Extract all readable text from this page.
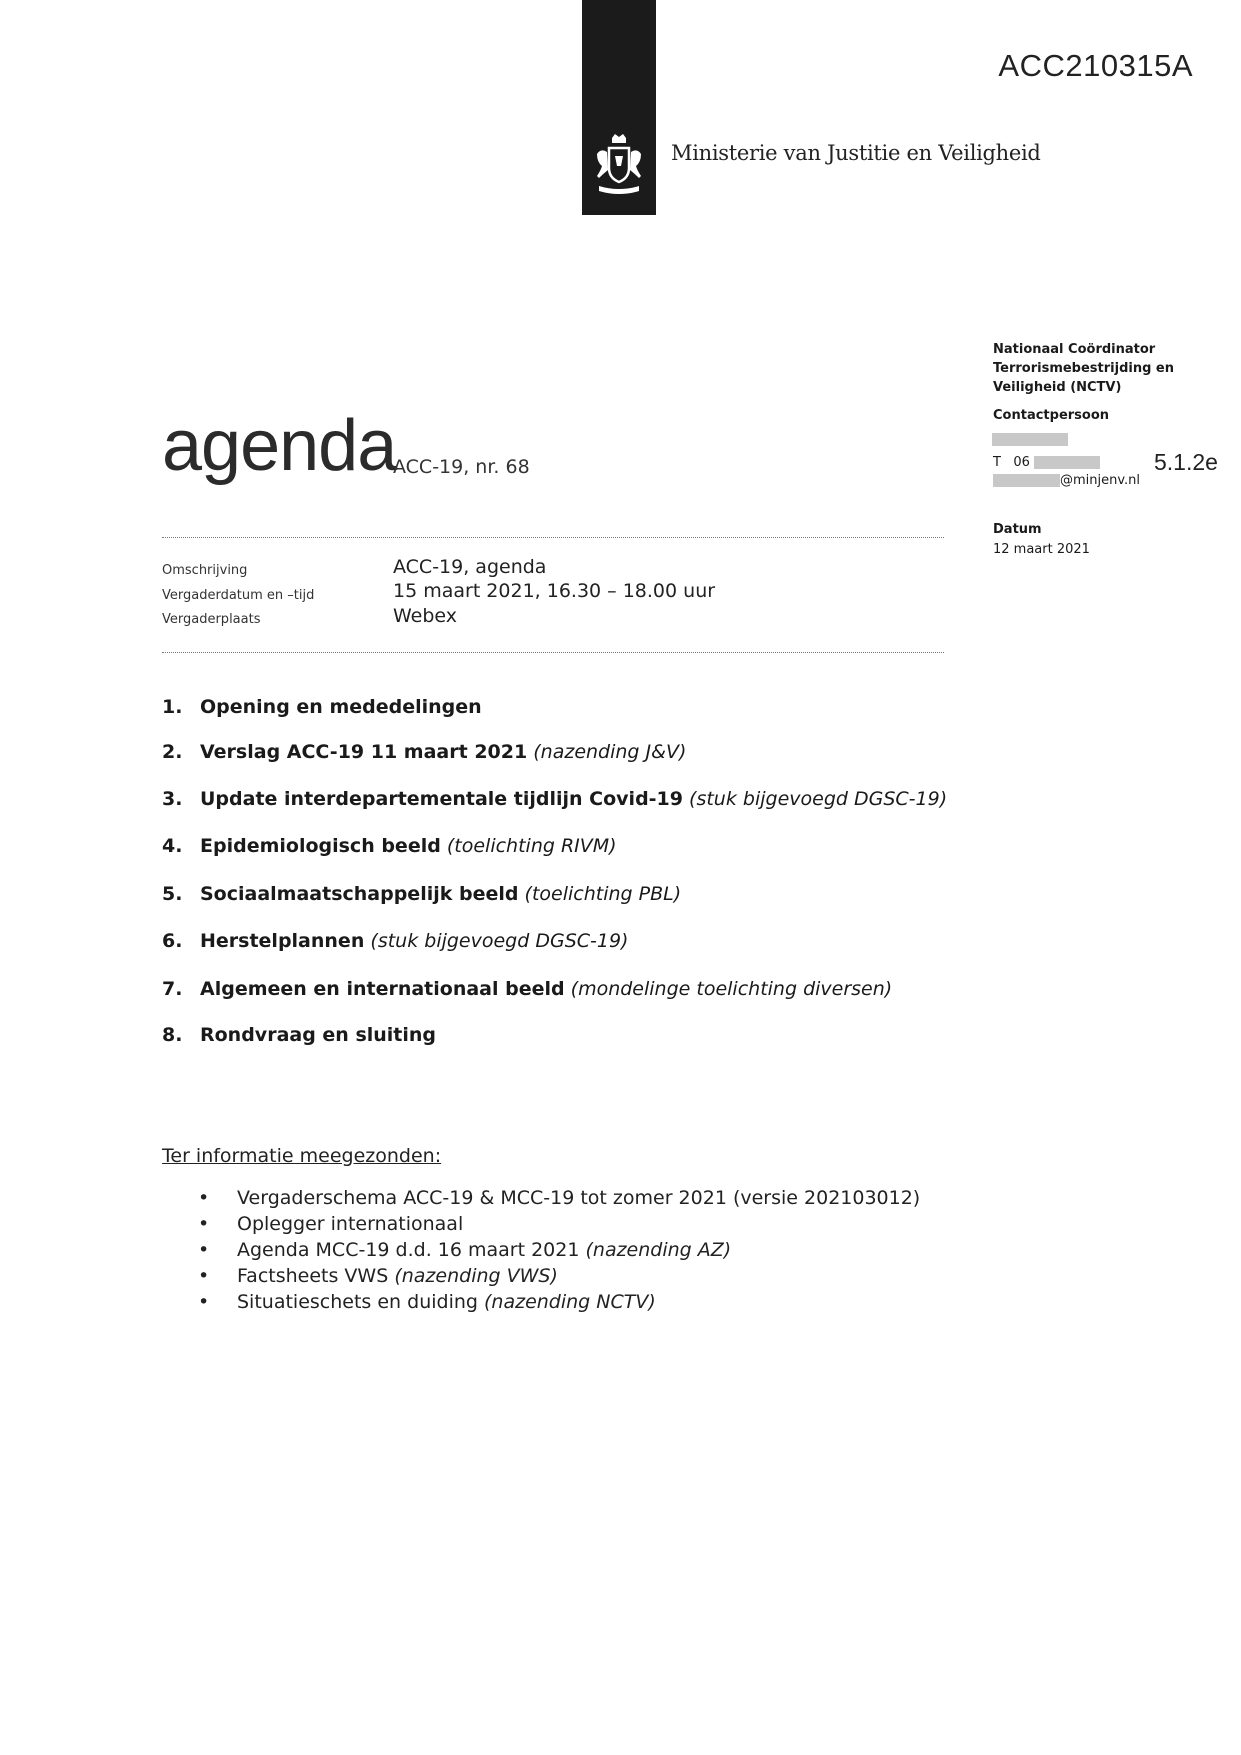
ACC210315A
Ministerie van Justitie en Veiligheid
Nationaal Coördinator
Terrorismebestrijding en
Veiligheid (NCTV)
Contactpersoon
T 06
@minjenv.nl
5.1.2e
Datum
12 maart 2021
agenda
ACC-19, nr. 68
Omschrijving	ACC-19, agenda
Vergaderdatum en –tijd	15 maart 2021, 16.30 – 18.00 uur
Vergaderplaats	Webex
1. Opening en mededelingen
2. Verslag ACC-19 11 maart 2021 (nazending J&V)
3. Update interdepartementale tijdlijn Covid-19 (stuk bijgevoegd DGSC-19)
4. Epidemiologisch beeld (toelichting RIVM)
5. Sociaalmaatschappelijk beeld (toelichting PBL)
6. Herstelplannen (stuk bijgevoegd DGSC-19)
7. Algemeen en internationaal beeld (mondelinge toelichting diversen)
8. Rondvraag en sluiting
Ter informatie meegezonden:
• Vergaderschema ACC-19 & MCC-19 tot zomer 2021 (versie 202103012)
• Oplegger internationaal
• Agenda MCC-19 d.d. 16 maart 2021 (nazending AZ)
• Factsheets VWS (nazending VWS)
• Situatieschets en duiding (nazending NCTV)
